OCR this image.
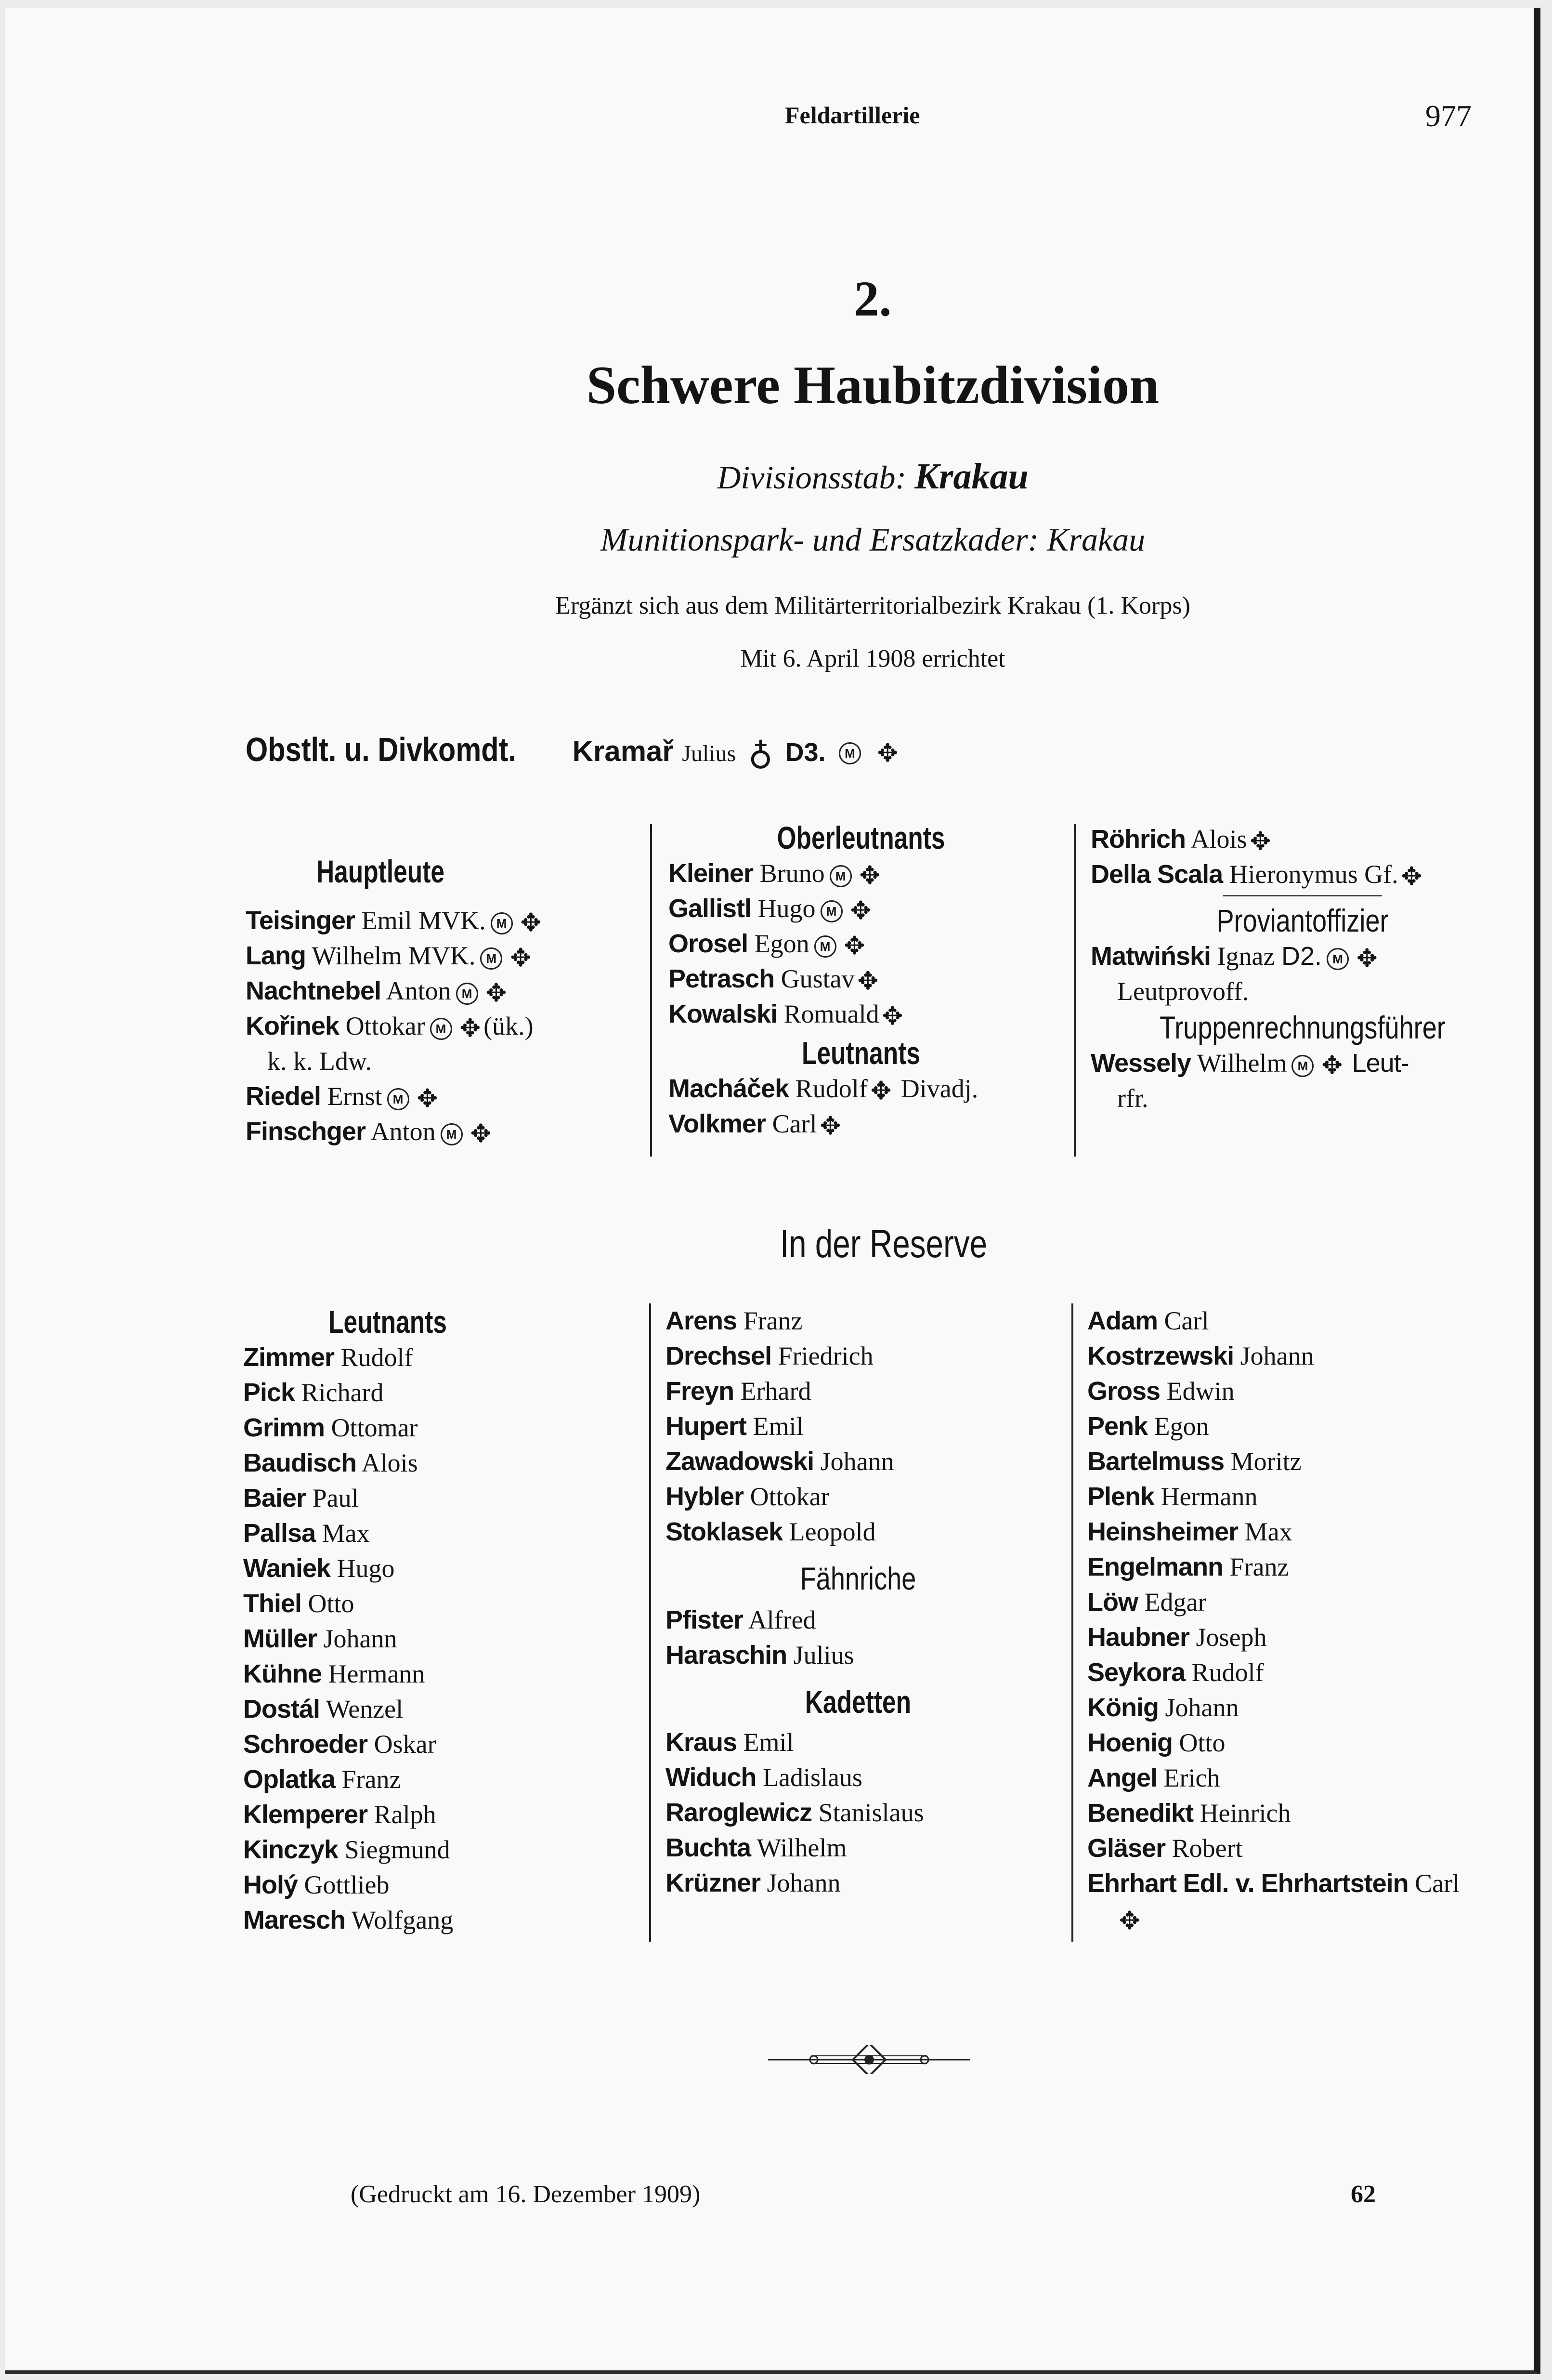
Feldartillerie	977
2.
Schwere Haubitzdivision
Divisionsstab: Krakau
Munitionspark- und Ersatzkader: Krakau
Ergänzt sich aus dem Militärterritorialbezirk Krakau (1. Korps)
Mit 6. April 1908 errichtet
Obstlt. u. Divkomdt. Kramař Julius ♁ D3. M ✥
Hauptleute
Teisinger Emil MVK. M ✥
Lang Wilhelm MVK. M ✥
Nachtnebel Anton M ✥
Kořinek Ottokar M ✥ (ük.)
k. k. Ldw.
Riedel Ernst M ✥
Finschger Anton M ✥
Oberleutnants
Kleiner Bruno M ✥
Gallistl Hugo M ✥
Orosel Egon M ✥
Petrasch Gustav ✥
Kowalski Romuald ✥
Leutnants
Macháček Rudolf ✥ Divadj.
Volkmer Carl ✥
Röhrich Alois ✥
Della Scala Hieronymus Gf. ✥
Proviantoffizier
Matwiński Ignaz D2. M ✥
Leutprovoff.
Truppenrechnungsführer
Wessely Wilhelm M ✥ Leut-
rfr.
In der Reserve
Leutnants
Zimmer Rudolf
Pick Richard
Grimm Ottomar
Baudisch Alois
Baier Paul
Pallsa Max
Waniek Hugo
Thiel Otto
Müller Johann
Kühne Hermann
Dostál Wenzel
Schroeder Oskar
Oplatka Franz
Klemperer Ralph
Kinczyk Siegmund
Holý Gottlieb
Maresch Wolfgang
Arens Franz
Drechsel Friedrich
Freyn Erhard
Hupert Emil
Zawadowski Johann
Hybler Ottokar
Stoklasek Leopold
Fähnriche
Pfister Alfred
Haraschin Julius
Kadetten
Kraus Emil
Widuch Ladislaus
Raroglewicz Stanislaus
Buchta Wilhelm
Krüzner Johann
Adam Carl
Kostrzewski Johann
Gross Edwin
Penk Egon
Bartelmuss Moritz
Plenk Hermann
Heinsheimer Max
Engelmann Franz
Löw Edgar
Haubner Joseph
Seykora Rudolf
König Johann
Hoenig Otto
Angel Erich
Benedikt Heinrich
Gläser Robert
Ehrhart Edl. v. Ehrhartstein Carl
✥
(Gedruckt am 16. Dezember 1909)	62
